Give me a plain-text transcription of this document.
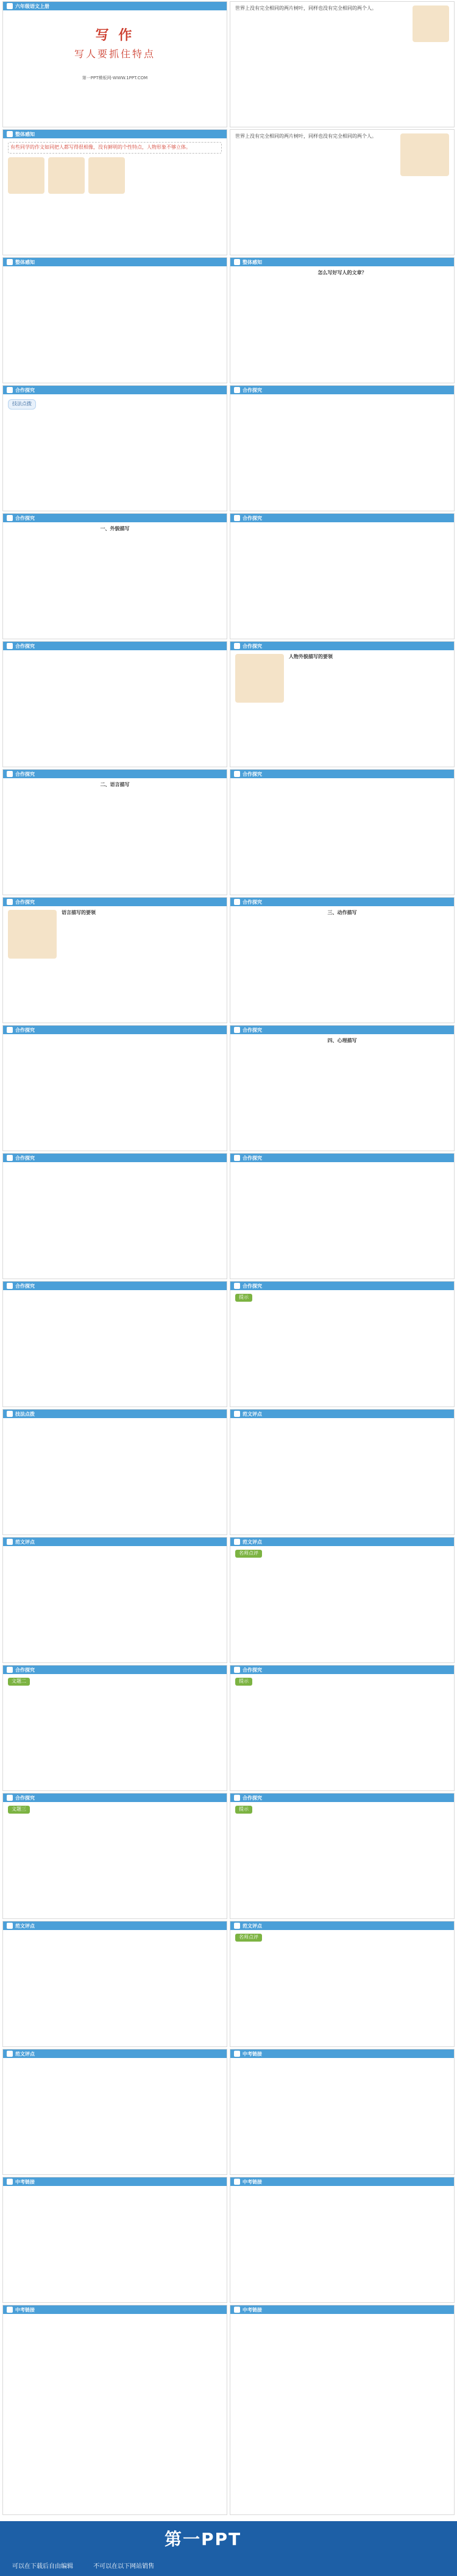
六年级语文上册
写 作
写人要抓住特点
第一PPT模板网-WWW.1PPT.COM
世界上没有完全相同的两片树叶，同样也没有完全相同的两个人。
整体感知
有些同学的作文如同把人都写得很相像，没有鲜明的个性特点，人物形象不够立体。
世界上没有完全相同的两片树叶，同样也没有完全相同的两个人。
整体感知
怎么写好写人的文章？
整体感知
合作探究
技法点拨
合作探究
合作探究
一、外貌描写
合作探究
合作探究	合作探究
人物外貌描写的要领
合作探究
二、语言描写
合作探究
合作探究
语言描写的要领
合作探究
三、动作描写
合作探究	合作探究
四、心理描写
合作探究	合作探究
合作探究	合作探究
提示
技法点拨	范文评点
范文评点	范文评点
名师点评
合作探究
文题二
合作探究
提示
合作探究
文题三
合作探究
提示
范文评点	范文评点
名师点评
范文评点	中考链接
中考链接	中考链接
中考链接	中考链接
第一PPT
可以在下载后自由编辑	不可以在以下网站销售
